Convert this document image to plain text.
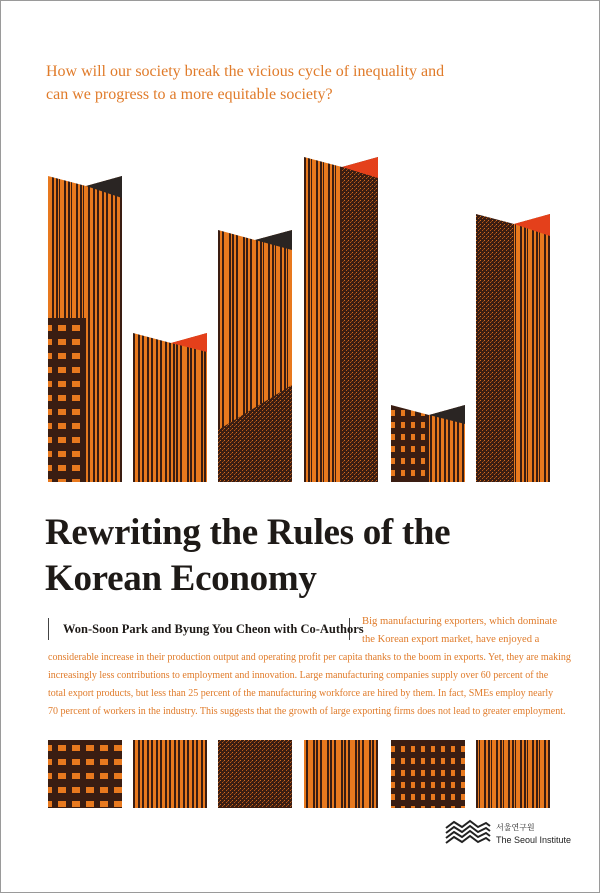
How will our society break the vicious cycle of inequality and
can we progress to a more equitable society?
Rewriting the Rules of the
Korean Economy
Won-Soon Park and Byung You Cheon with Co-Authors
Big manufacturing exporters, which dominate
the Korean export market, have enjoyed a
considerable increase in their production output and operating profit per capita thanks to the boom in exports. Yet, they are making
increasingly less contributions to employment and innovation. Large manufacturing companies supply over 60 percent of the
total export products, but less than 25 percent of the manufacturing workforce are hired by them. In fact, SMEs employ nearly
70 percent of workers in the industry. This suggests that the growth of large exporting firms does not lead to greater employment.
서울연구원
The Seoul Institute
